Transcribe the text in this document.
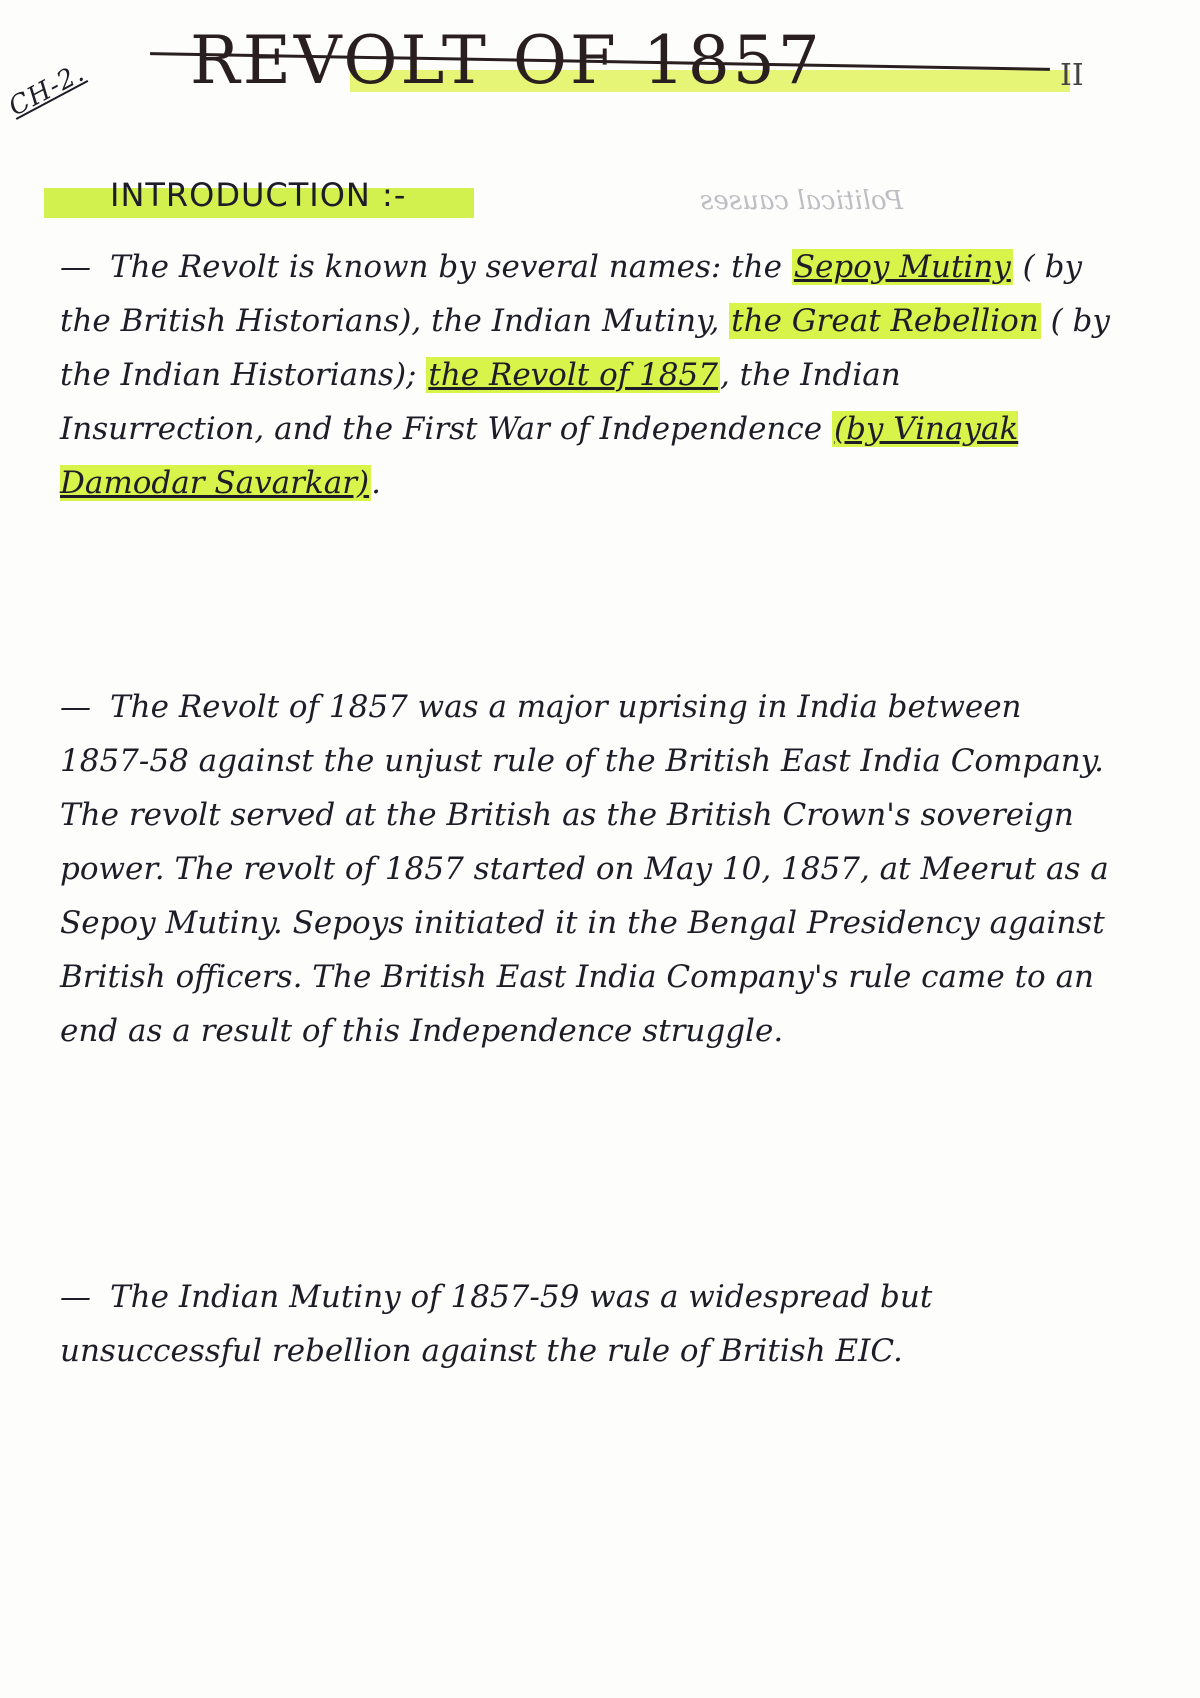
CH-2. REVOLT OF 1857	II
INTRODUCTION :-	Political causes
— The Revolt is known by several names: the Sepoy Mutiny ( by the British Historians), the Indian Mutiny, the Great Rebellion ( by the Indian Historians); the Revolt of 1857, the Indian Insurrection, and the First War of Independence (by Vinayak Damodar Savarkar).
— The Revolt of 1857 was a major uprising in India between 1857-58 against the unjust rule of the British East India Company. The revolt served at the British as the British Crown's sovereign power. The revolt of 1857 started on May 10, 1857, at Meerut as a Sepoy Mutiny. Sepoys initiated it in the Bengal Presidency against British officers. The British East India Company's rule came to an end as a result of this Independence struggle.
— The Indian Mutiny of 1857-59 was a widespread but unsuccessful rebellion against the rule of British EIC.
